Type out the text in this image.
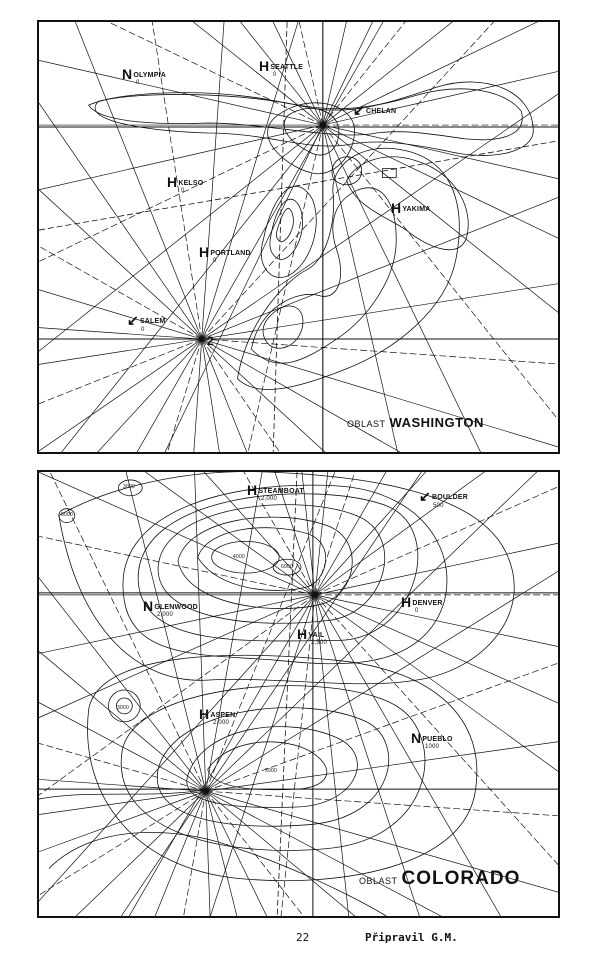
NOLYMPIA
0
HSEATTLE
0
↙CHELAN
HKELSO
0
HYAKIMA
HPORTLAND
0
↙SALEM
0
2
OBLAST WASHINGTON
HSTEAMBOAT
2,000	↙BOULDER
500
NGLENWOOD
2,000
HDENVER
0
HVAIL
2,500
HASPEN
2,000
NPUEBLO
1000
6000
4000
6000
3000
3000
5000
OBLAST COLORADO
22	Připravil G.M.
